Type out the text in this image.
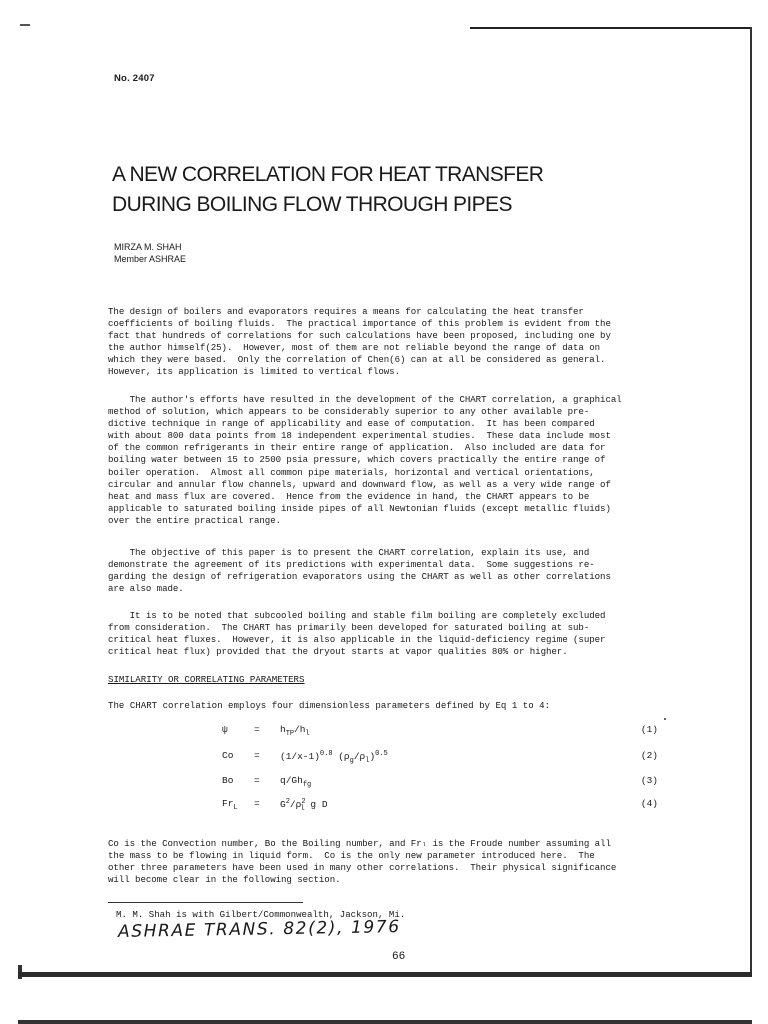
No. 2407
A NEW CORRELATION FOR HEAT TRANSFER
DURING BOILING FLOW THROUGH PIPES
MIRZA M. SHAH
Member ASHRAE
The design of boilers and evaporators requires a means for calculating the heat transfer
coefficients of boiling fluids.  The practical importance of this problem is evident from the
fact that hundreds of correlations for such calculations have been proposed, including one by
the author himself(25).  However, most of them are not reliable beyond the range of data on
which they were based.  Only the correlation of Chen(6) can at all be considered as general.
However, its application is limited to vertical flows.
The author's efforts have resulted in the development of the CHART correlation, a graphical
method of solution, which appears to be considerably superior to any other available pre-
dictive technique in range of applicability and ease of computation.  It has been compared
with about 800 data points from 18 independent experimental studies.  These data include most
of the common refrigerants in their entire range of application.  Also included are data for
boiling water between 15 to 2500 psia pressure, which covers practically the entire range of
boiler operation.  Almost all common pipe materials, horizontal and vertical orientations,
circular and annular flow channels, upward and downward flow, as well as a very wide range of
heat and mass flux are covered.  Hence from the evidence in hand, the CHART appears to be
applicable to saturated boiling inside pipes of all Newtonian fluids (except metallic fluids)
over the entire practical range.
The objective of this paper is to present the CHART correlation, explain its use, and
demonstrate the agreement of its predictions with experimental data.  Some suggestions re-
garding the design of refrigeration evaporators using the CHART as well as other correlations
are also made.
It is to be noted that subcooled boiling and stable film boiling are completely excluded
from consideration.  The CHART has primarily been developed for saturated boiling at sub-
critical heat fluxes.  However, it is also applicable in the liquid-deficiency regime (super
critical heat flux) provided that the dryout starts at vapor qualities 80% or higher.
SIMILARITY OR CORRELATING PARAMETERS
The CHART correlation employs four dimensionless parameters defined by Eq 1 to 4:
ψ	= $h_{TP}/h_l$	(1)
$Co = (1/x-1)^{0.8}$ $(\rho_g/\rho_l)^{0.5}$	(2)
$Bo = q/Gh_{fg}$	(3)
$Fr_L = G^2/\rho^2_l$ g D	(4)
Co is the Convection number, Bo the Boiling number, and Frₗ is the Froude number assuming all
the mass to be flowing in liquid form.  Co is the only new parameter introduced here.  The
other three parameters have been used in many other correlations.  Their physical significance
will become clear in the following section.
M. M. Shah is with Gilbert/Commonwealth, Jackson, Mi.
ASHRAE TRANS. 82(2), 1976
66
